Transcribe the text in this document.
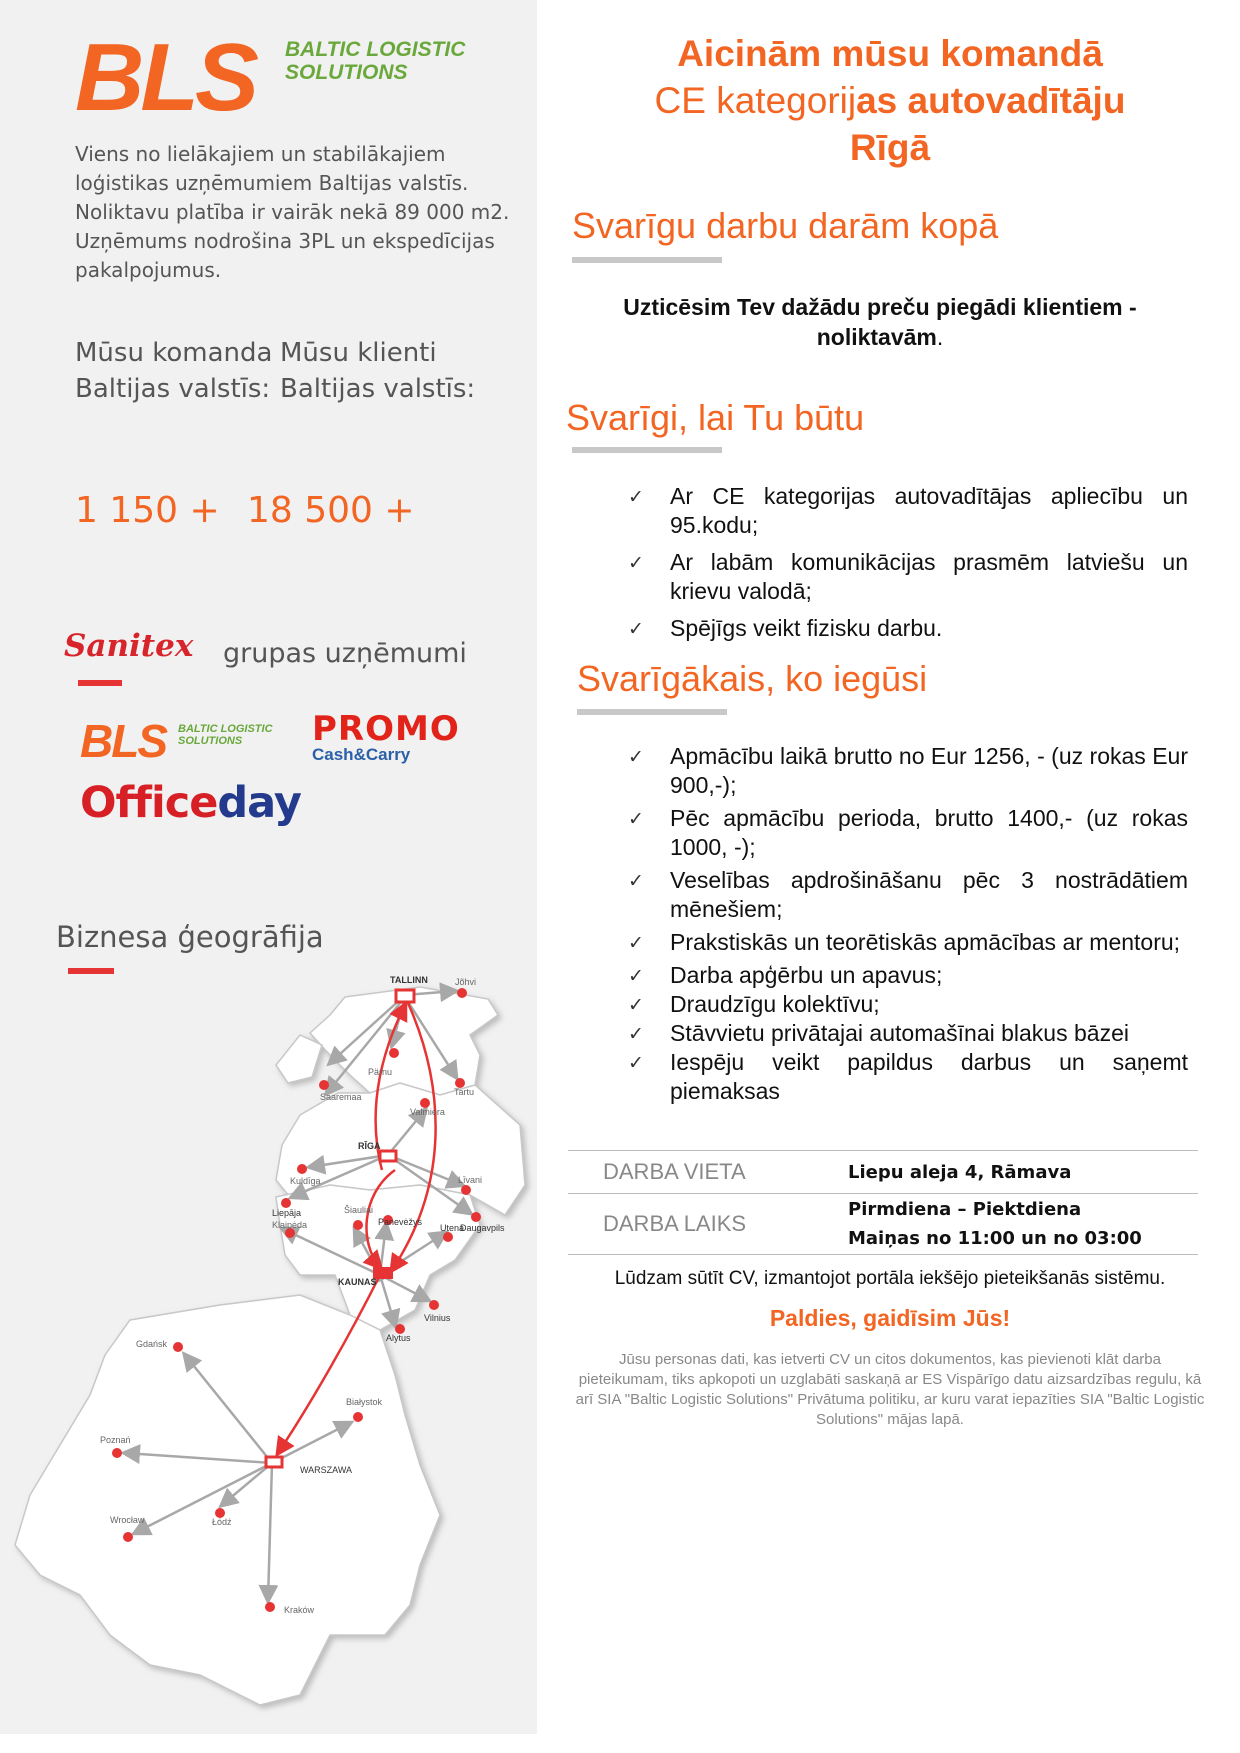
BLS BALTIC LOGISTIC
SOLUTIONS
Viens no lielākajiem un stabilākajiem loģistikas uzņēmumiem Baltijas valstīs. Noliktavu platība ir vairāk nekā 89 000 m2. Uzņēmums nodrošina 3PL un ekspedīcijas pakalpojumus.
Mūsu komanda
Baltijas valstīs:
Mūsu klienti
Baltijas valstīs:
1 150 + 18 500 +
Sanitex grupas uzņēmumi
BLS BALTIC LOGISTIC
SOLUTIONS	PROMO
Cash&Carry
Officeday
Biznesa ģeogrāfija
TALLINN	Jõhvi
Pärnu
Tartu
Saaremaa
Valmiera
RĪGA
Kuldīga
Liepāja
Līvani
Daugavpils
Šiauliai
Panevėžys
Klaipėda	Utena
KAUNAS
Vilnius
Alytus
Gdańsk
Białystok
Poznań
WARSZAWA
Wrocław	Łódź
Kraków
Aicinām mūsu komandā
CE kategorijas autovadītāju
Rīgā
Svarīgu darbu darām kopā
Uzticēsim Tev dažādu preču piegādi klientiem - noliktavām.
Svarīgi, lai Tu būtu
✓ Ar CE kategorijas autovadītājas apliecību un 95.kodu;
✓ Ar labām komunikācijas prasmēm latviešu un krievu valodā;
✓ Spējīgs veikt fizisku darbu.
Svarīgākais, ko iegūsi
✓ Apmācību laikā brutto no Eur 1256, - (uz rokas Eur 900,-);
✓ Pēc apmācību perioda, brutto 1400,- (uz rokas 1000, -);
✓ Veselības apdrošināšanu pēc 3 nostrādātiem mēnešiem;
✓ Prakstiskās un teorētiskās apmācības ar mentoru;
✓ Darba apģērbu un apavus;
✓ Draudzīgu kolektīvu;
✓ Stāvvietu privātajai automašīnai blakus bāzei
✓ Iespēju veikt papildus darbus un saņemt piemaksas
DARBA VIETA	Liepu aleja 4, Rāmava
DARBA LAIKS	Pirmdiena – Piektdiena
Maiņas no 11:00 un no 03:00
Lūdzam sūtīt CV, izmantojot portāla iekšējo pieteikšanās sistēmu.
Paldies, gaidīsim Jūs!
Jūsu personas dati, kas ietverti CV un citos dokumentos, kas pievienoti klāt darba pieteikumam, tiks apkopoti un uzglabāti saskaņā ar ES Vispārīgo datu aizsardzības regulu, kā arī SIA "Baltic Logistic Solutions" Privātuma politiku, ar kuru varat iepazīties SIA "Baltic Logistic Solutions" mājas lapā.
